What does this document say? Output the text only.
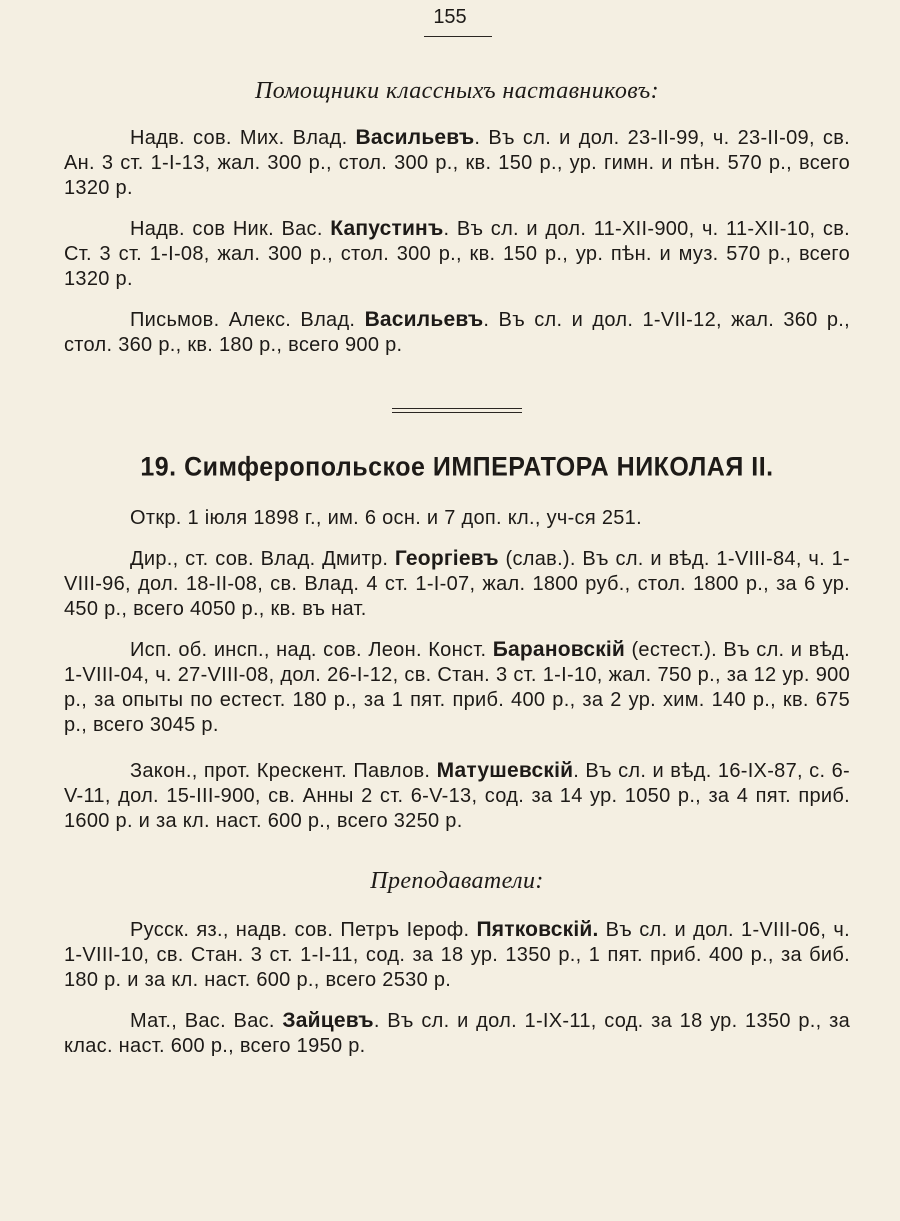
155
Помощники классныхъ наставниковъ:

Надв. сов. Мих. Влад. Васильевъ. Въ сл. и дол. 23-II-99, ч. 23-II-09, св. Ан. 3 ст. 1-I-13, жал. 300 р., стол. 300 р., кв. 150 р., ур. гимн. и пѣн. 570 р., всего 1320 р.

Надв. сов Ник. Вас. Капустинъ. Въ сл. и дол. 11-XII-900, ч. 11-XII-10, св. Ст. 3 ст. 1-I-08, жал. 300 р., стол. 300 р., кв. 150 р., ур. пѣн. и муз. 570 р., всего 1320 р.

Письмов. Алекс. Влад. Васильевъ. Въ сл. и дол. 1-VII-12, жал. 360 р., стол. 360 р., кв. 180 р., всего 900 р.

19. Симферопольское ИМПЕРАТОРА НИКОЛАЯ II.

Откр. 1 іюля 1898 г., им. 6 осн. и 7 доп. кл., уч-ся 251.

Дир., ст. сов. Влад. Дмитр. Георгіевъ (слав.). Въ сл. и вѣд. 1-VIII-84, ч. 1-VIII-96, дол. 18-II-08, св. Влад. 4 ст. 1-I-07, жал. 1800 руб., стол. 1800 р., за 6 ур. 450 р., всего 4050 р., кв. въ нат.

Исп. об. инсп., над. сов. Леон. Конст. Барановскій (естест.). Въ сл. и вѣд. 1-VIII-04, ч. 27-VIII-08, дол. 26-I-12, св. Стан. 3 ст. 1-I-10, жал. 750 р., за 12 ур. 900 р., за опыты по естест. 180 р., за 1 пят. приб. 400 р., за 2 ур. хим. 140 р., кв. 675 р., всего 3045 р.

Закон., прот. Крескент. Павлов. Матушевскій. Въ сл. и вѣд. 16-IX-87, с. 6-V-11, дол. 15-III-900, св. Анны 2 ст. 6-V-13, сод. за 14 ур. 1050 р., за 4 пят. приб. 1600 р. и за кл. наст. 600 р., всего 3250 р.

Преподаватели:

Русск. яз., надв. сов. Петръ Іероф. Пятковскій. Въ сл. и дол. 1-VIII-06, ч. 1-VIII-10, св. Стан. 3 ст. 1-I-11, сод. за 18 ур. 1350 р., 1 пят. приб. 400 р., за биб. 180 р. и за кл. наст. 600 р., всего 2530 р.

Мат., Вас. Вас. Зайцевъ. Въ сл. и дол. 1-IX-11, сод. за 18 ур. 1350 р., за клас. наст. 600 р., всего 1950 р.
